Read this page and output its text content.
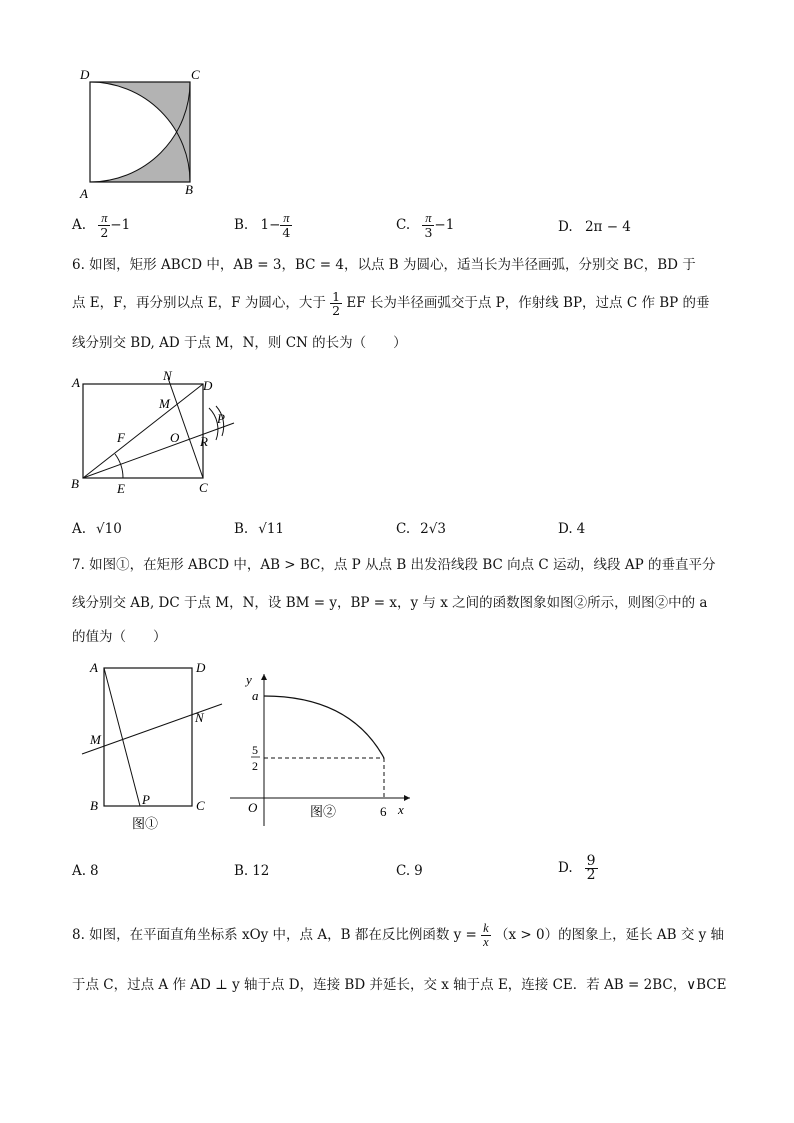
D	C
A	B
A. $\frac{\pi}{2} -1$	B. $1- \frac{\pi}{4}$	C. $\frac{\pi}{3} -1$	D. 2π − 4
6. 如图，矩形 ABCD 中，AB = 3，BC = 4，以点 B 为圆心，适当长为半径画弧，分别交 BC，BD 于
点 E，F，再分别以点 E，F 为圆心，大于 $\frac{1}{2}$ EF 长为半径画弧交于点 P，作射线 BP，过点 C 作 BP 的垂
线分别交 BD, AD 于点 M，N，则 CN 的长为（　　）
A	N
D
M
P
F	O R
B	E	C
A. √10	B. √11	C. 2√3	D. 4
7. 如图①，在矩形 ABCD 中，AB > BC，点 P 从点 B 出发沿线段 BC 向点 C 运动，线段 AP 的垂直平分
线分别交 AB, DC 于点 M，N，设 BM = y，BP = x，y 与 x 之间的函数图象如图②所示，则图②中的 a
的值为（　　）
A	D
M
N
B	P	C
图①
y
a
5
2
O	6 x
图②
A. 8	B. 12	C. 9	D. $\frac{9}{2}$
8. 如图，在平面直角坐标系 xOy 中，点 A，B 都在反比例函数 $y = \frac{k}{x} (x > 0)$的图象上，延长 AB 交 y 轴
于点 C，过点 A 作 AD ⊥ y 轴于点 D，连接 BD 并延长，交 x 轴于点 E，连接 CE．若 AB = 2BC，∨BCE
